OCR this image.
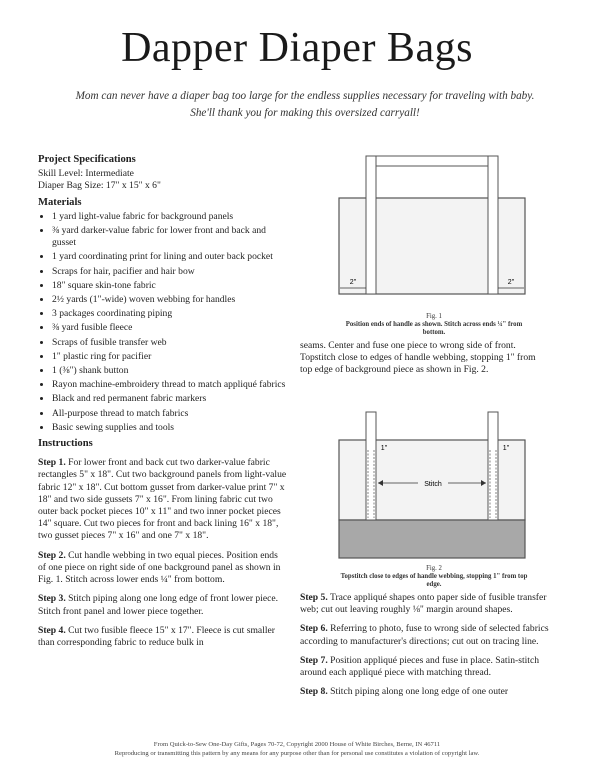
Dapper Diaper Bags
Mom can never have a diaper bag too large for the endless supplies necessary for traveling with baby. She'll thank you for making this oversized carryall!
Project Specifications
Skill Level: Intermediate
Diaper Bag Size: 17" x 15" x 6"
Materials
• 1 yard light-value fabric for background panels
• ⅜ yard darker-value fabric for lower front and back and gusset
• 1 yard coordinating print for lining and outer back pocket
• Scraps for hair, pacifier and hair bow
• 18" square skin-tone fabric
• 2½ yards (1"-wide) woven webbing for handles
• 3 packages coordinating piping
• ⅜ yard fusible fleece
• Scraps of fusible transfer web
• 1" plastic ring for pacifier
• 1 (⅜") shank button
• Rayon machine-embroidery thread to match appliqué fabrics
• Black and red permanent fabric markers
• All-purpose thread to match fabrics
• Basic sewing supplies and tools
Instructions
Step 1. For lower front and back cut two darker-value fabric rectangles 5" x 18". Cut two background panels from light-value fabric 12" x 18". Cut bottom gusset from darker-value print 7" x 18" and two side gussets 7" x 16". From lining fabric cut two outer back pocket pieces 10" x 11" and two inner pocket pieces 14" square. Cut two pieces for front and back lining 16" x 18", two gusset pieces 7" x 16" and one 7" x 18".
Step 2. Cut handle webbing in two equal pieces. Position ends of one piece on right side of one background panel as shown in Fig. 1. Stitch across lower ends ¼" from bottom.
Step 3. Stitch piping along one long edge of front lower piece. Stitch front panel and lower piece together.
Step 4. Cut two fusible fleece 15" x 17". Fleece is cut smaller than corresponding fabric to reduce bulk in
2"	2"
Fig. 1
Position ends of handle as shown. Stitch across ends ¼" from bottom.
seams. Center and fuse one piece to wrong side of front. Topstitch close to edges of handle webbing, stopping 1" from top edge of background piece as shown in Fig. 2.
Stitch
1"	1"
Fig. 2
Topstitch close to edges of handle webbing, stopping 1" from top edge.
Step 5. Trace appliqué shapes onto paper side of fusible transfer web; cut out leaving roughly ⅛" margin around shapes.
Step 6. Referring to photo, fuse to wrong side of selected fabrics according to manufacturer's directions; cut out on tracing line.
Step 7. Position appliqué pieces and fuse in place. Satin-stitch around each appliqué piece with matching thread.
Step 8. Stitch piping along one long edge of one outer
From Quick-to-Sew One-Day Gifts, Pages 70-72, Copyright 2000 House of White Birches, Berne, IN 46711
Reproducing or transmitting this pattern by any means for any purpose other than for personal use constitutes a violation of copyright law.
